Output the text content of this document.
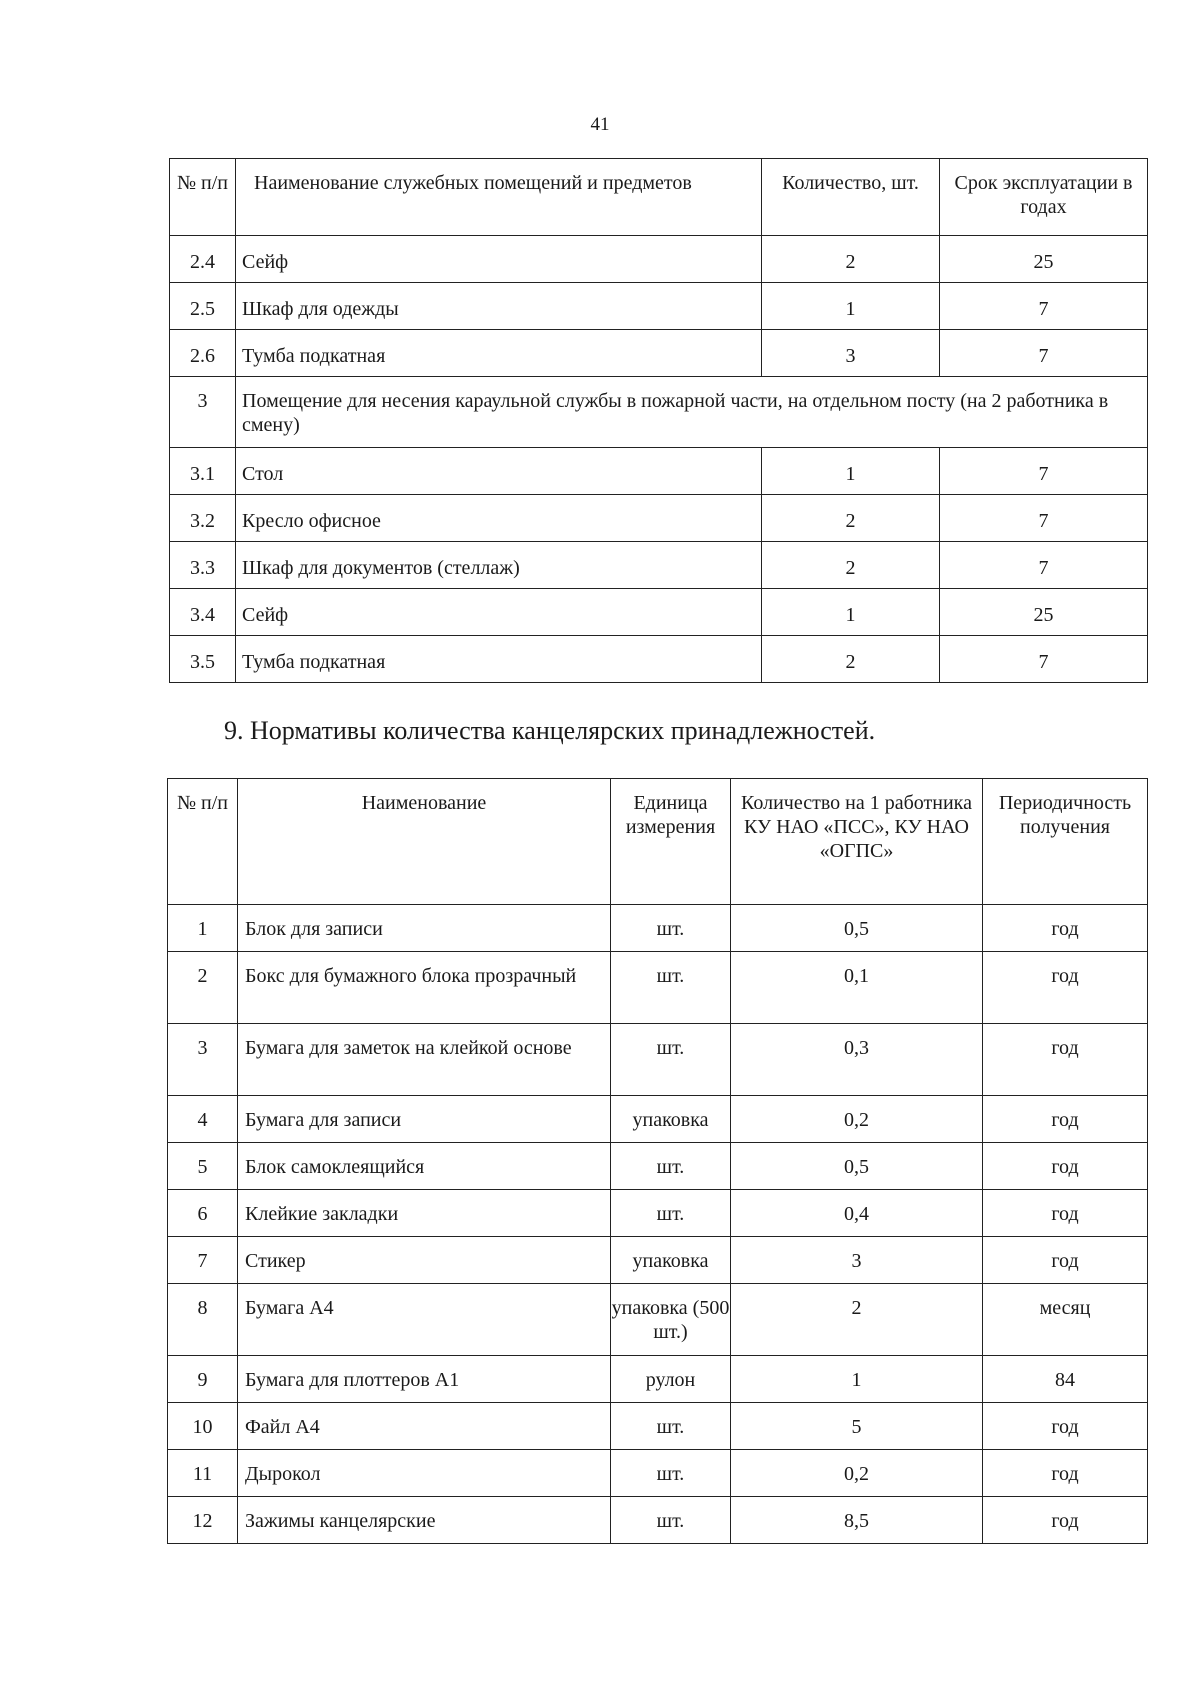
41
№ п/п	Наименование служебных помещений и предметов	Количество, шт.	Срок эксплуатации в годах
2.4	Сейф	2	25
2.5	Шкаф для одежды	1	7
2.6	Тумба подкатная	3	7
3	Помещение для несения караульной службы в пожарной части, на отдельном посту (на 2 работника в смену)		
3.1	Стол	1	7
3.2	Кресло офисное	2	7
3.3	Шкаф для документов (стеллаж)	2	7
3.4	Сейф	1	25
3.5	Тумба подкатная	2	7
9. Нормативы количества канцелярских принадлежностей.
№ п/п	Наименование	Единица измерения	Количество на 1 работника КУ НАО «ПСС», КУ НАО «ОГПС»	Периодичность получения
1	Блок для записи	шт.	0,5	год
2	Бокс для бумажного блока прозрачный	шт.	0,1	год
3	Бумага для заметок на клейкой основе	шт.	0,3	год
4	Бумага для записи	упаковка	0,2	год
5	Блок самоклеящийся	шт.	0,5	год
6	Клейкие закладки	шт.	0,4	год
7	Стикер	упаковка	3	год
8	Бумага А4	упаковка (500 шт.)	2	месяц
9	Бумага для плоттеров А1	рулон	1	84
10	Файл А4	шт.	5	год
11	Дырокол	шт.	0,2	год
12	Зажимы канцелярские	шт.	8,5	год
